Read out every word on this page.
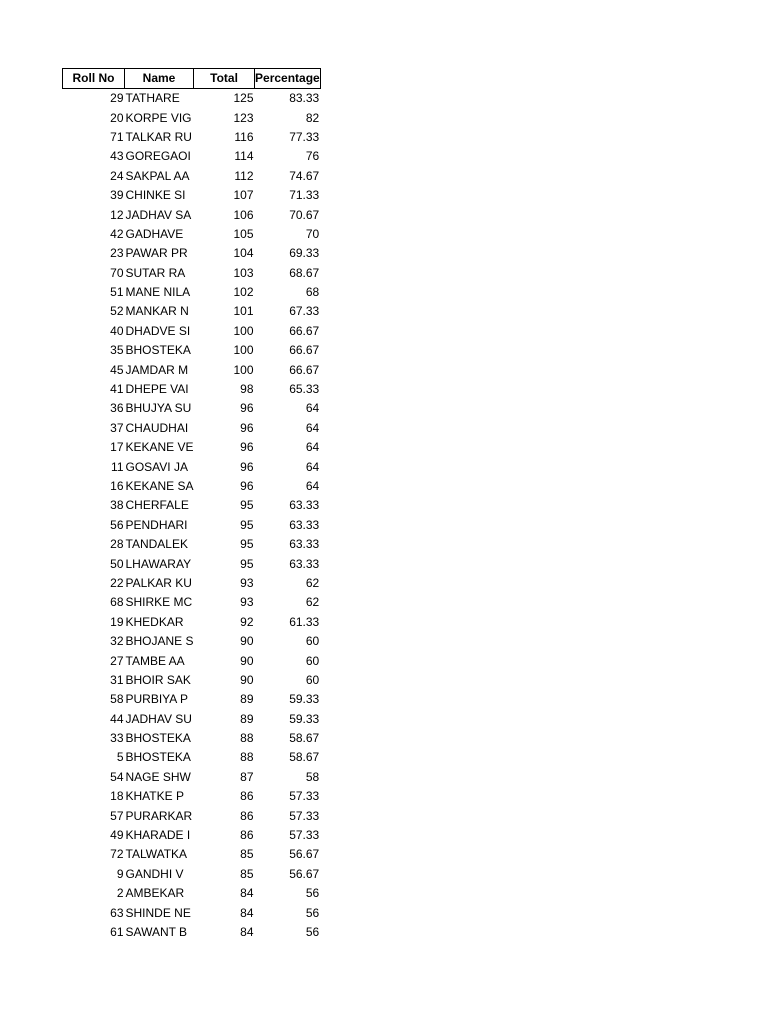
Roll No	Name	Total	Percentage
29	TATHARE	125	83.33
20	KORPE VIG	123	82
71	TALKAR RU	116	77.33
43	GOREGAOI	114	76
24	SAKPAL AA	112	74.67
39	CHINKE SI	107	71.33
12	JADHAV SA	106	70.67
42	GADHAVE	105	70
23	PAWAR PR	104	69.33
70	SUTAR RA	103	68.67
51	MANE NILA	102	68
52	MANKAR N	101	67.33
40	DHADVE SI	100	66.67
35	BHOSTEKA	100	66.67
45	JAMDAR M	100	66.67
41	DHEPE VAI	98	65.33
36	BHUJYA SU	96	64
37	CHAUDHAI	96	64
17	KEKANE VE	96	64
11	GOSAVI JA	96	64
16	KEKANE SA	96	64
38	CHERFALE	95	63.33
56	PENDHARI	95	63.33
28	TANDALEK	95	63.33
50	LHAWARAY	95	63.33
22	PALKAR KU	93	62
68	SHIRKE MC	93	62
19	KHEDKAR	92	61.33
32	BHOJANE S	90	60
27	TAMBE AA	90	60
31	BHOIR SAK	90	60
58	PURBIYA P	89	59.33
44	JADHAV SU	89	59.33
33	BHOSTEKA	88	58.67
5	BHOSTEKA	88	58.67
54	NAGE SHW	87	58
18	KHATKE P	86	57.33
57	PURARKAR	86	57.33
49	KHARADE I	86	57.33
72	TALWATKA	85	56.67
9	GANDHI V	85	56.67
2	AMBEKAR	84	56
63	SHINDE NE	84	56
61	SAWANT B	84	56
